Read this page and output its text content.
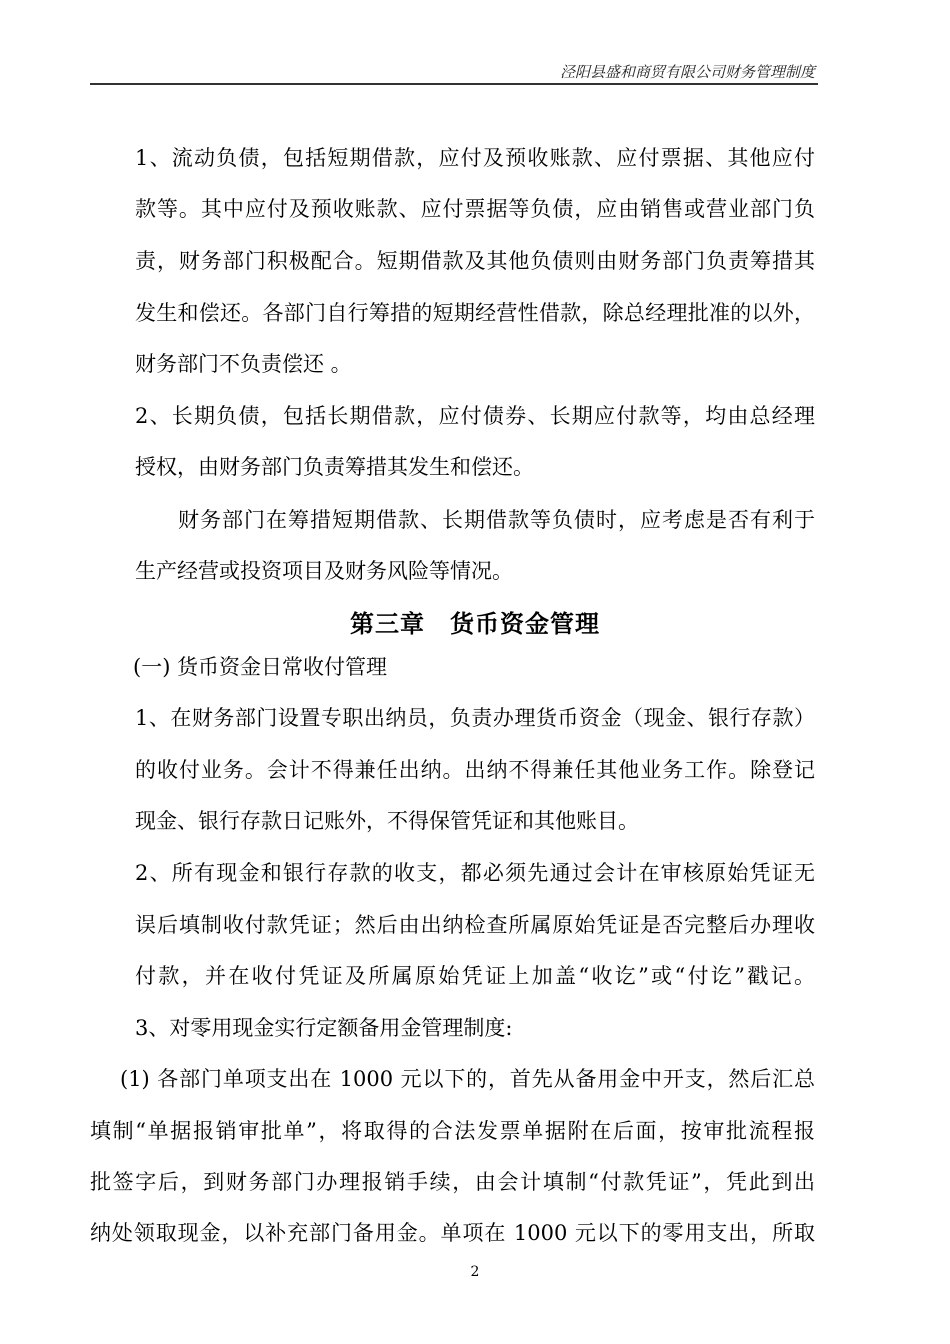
泾阳县盛和商贸有限公司财务管理制度
1、流动负债，包括短期借款，应付及预收账款、应付票据、其他应付
款等。其中应付及预收账款、应付票据等负债，应由销售或营业部门负
责，财务部门积极配合。短期借款及其他负债则由财务部门负责筹措其
发生和偿还。各部门自行筹措的短期经营性借款，除总经理批准的以外，
财务部门不负责偿还 。
2、长期负债，包括长期借款，应付债券、长期应付款等，均由总经理
授权，由财务部门负责筹措其发生和偿还。
财务部门在筹措短期借款、长期借款等负债时，应考虑是否有利于
生产经营或投资项目及财务风险等情况。
第三章　货币资金管理
(一) 货币资金日常收付管理
1、在财务部门设置专职出纳员，负责办理货币资金（现金、银行存款）
的收付业务。会计不得兼任出纳。出纳不得兼任其他业务工作。除登记
现金、银行存款日记账外，不得保管凭证和其他账目。
2、所有现金和银行存款的收支，都必须先通过会计在审核原始凭证无
误后填制收付款凭证；然后由出纳检查所属原始凭证是否完整后办理收
付款，并在收付凭证及所属原始凭证上加盖“收讫”或“付讫”戳记。
3、对零用现金实行定额备用金管理制度:
(1) 各部门单项支出在 1000 元以下的，首先从备用金中开支，然后汇总
填制“单据报销审批单”，将取得的合法发票单据附在后面，按审批流程报
批签字后，到财务部门办理报销手续，由会计填制“付款凭证”，凭此到出
纳处领取现金，以补充部门备用金。单项在 1000 元以下的零用支出，所取
2
